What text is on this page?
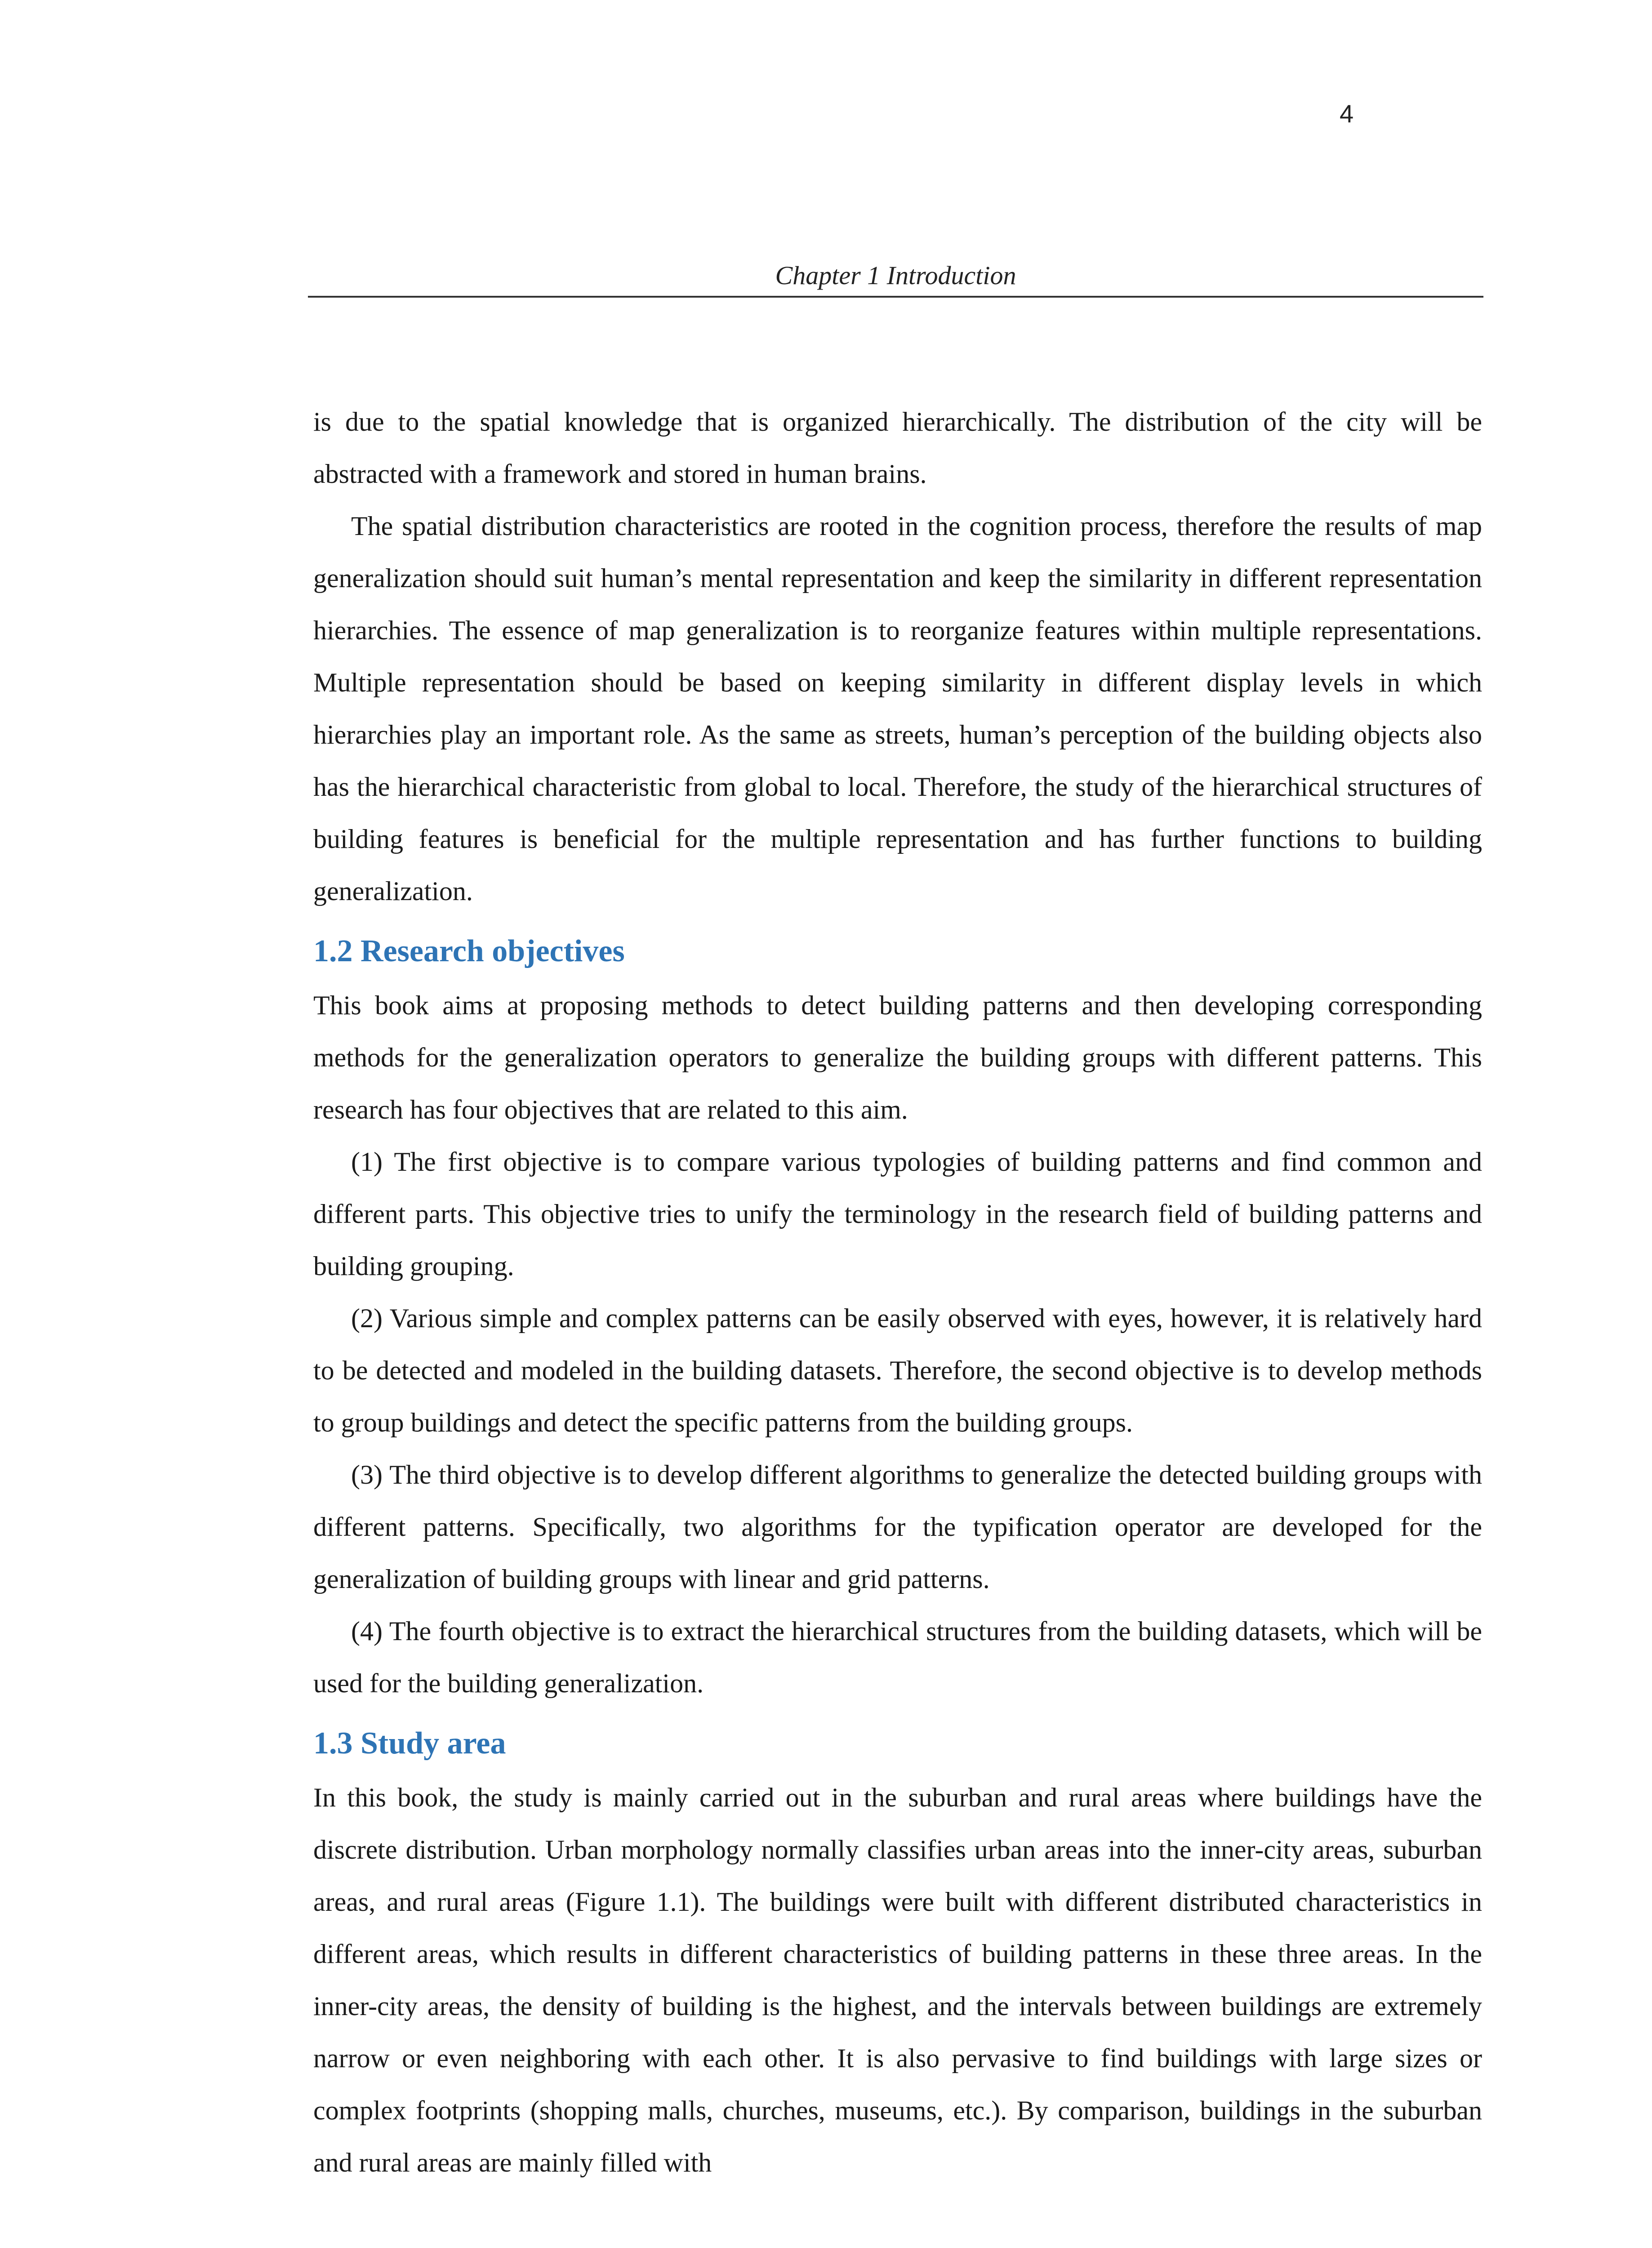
4
Chapter 1 Introduction

is due to the spatial knowledge that is organized hierarchically. The distribution of the city will be abstracted with a framework and stored in human brains.

The spatial distribution characteristics are rooted in the cognition process, therefore the results of map generalization should suit human’s mental representation and keep the similarity in different representation hierarchies. The essence of map generalization is to reorganize features within multiple representations. Multiple representation should be based on keeping similarity in different display levels in which hierarchies play an important role. As the same as streets, human’s perception of the building objects also has the hierarchical characteristic from global to local. Therefore, the study of the hierarchical structures of building features is beneficial for the multiple representation and has further functions to building generalization.

1.2 Research objectives

This book aims at proposing methods to detect building patterns and then developing corresponding methods for the generalization operators to generalize the building groups with different patterns. This research has four objectives that are related to this aim.

(1) The first objective is to compare various typologies of building patterns and find common and different parts. This objective tries to unify the terminology in the research field of building patterns and building grouping.

(2) Various simple and complex patterns can be easily observed with eyes, however, it is relatively hard to be detected and modeled in the building datasets. Therefore, the second objective is to develop methods to group buildings and detect the specific patterns from the building groups.

(3) The third objective is to develop different algorithms to generalize the detected building groups with different patterns. Specifically, two algorithms for the typification operator are developed for the generalization of building groups with linear and grid patterns.

(4) The fourth objective is to extract the hierarchical structures from the building datasets, which will be used for the building generalization.

1.3 Study area

In this book, the study is mainly carried out in the suburban and rural areas where buildings have the discrete distribution. Urban morphology normally classifies urban areas into the inner-city areas, suburban areas, and rural areas (Figure 1.1). The buildings were built with different distributed characteristics in different areas, which results in different characteristics of building patterns in these three areas. In the inner-city areas, the density of building is the highest, and the intervals between buildings are extremely narrow or even neighboring with each other. It is also pervasive to find buildings with large sizes or complex footprints (shopping malls, churches, museums, etc.). By comparison, buildings in the suburban and rural areas are mainly filled with
